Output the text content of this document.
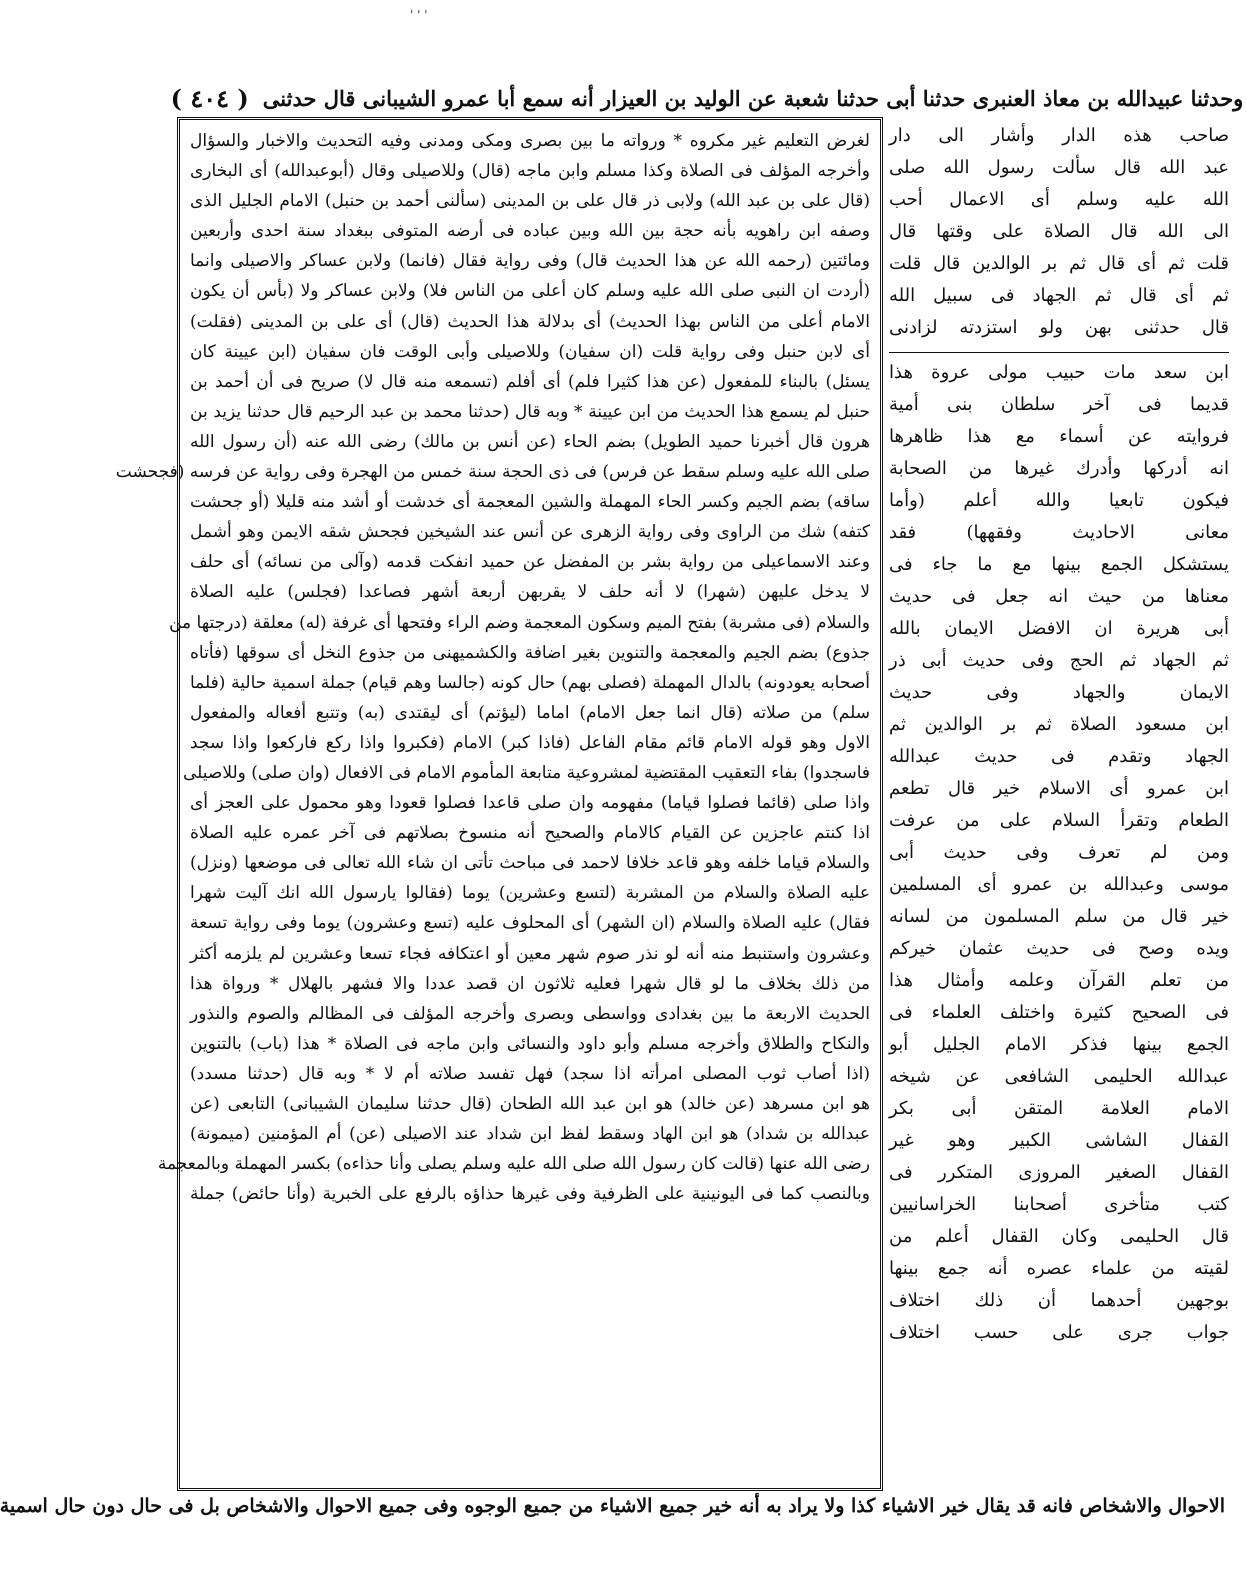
' ' '
وحدثنا عبيدالله بن معاذ العنبرى حدثنا أبى حدثنا شعبة عن الوليد بن العيزار أنه سمع أبا عمرو الشيبانى قال حدثنى
( ٤٠٤ )
لغرض التعليم غير مكروه * ورواته ما بين بصرى ومكى ومدنى وفيه التحديث والاخبار والسؤال
وأخرجه المؤلف فى الصلاة وكذا مسلم وابن ماجه (قال) وللاصيلى وقال (أبوعبدالله) أى البخارى
(قال على بن عبد الله) ولابى ذر قال على بن المدينى (سألنى أحمد بن حنبل) الامام الجليل الذى
وصفه ابن راهويه بأنه حجة بين الله وبين عباده فى أرضه المتوفى ببغداد سنة احدى وأربعين
ومائتين (رحمه الله عن هذا الحديث قال) وفى رواية فقال (فانما) ولابن عساكر والاصيلى وانما
(أردت ان النبى صلى الله عليه وسلم كان أعلى من الناس فلا) ولابن عساكر ولا (بأس أن يكون
الامام أعلى من الناس بهذا الحديث) أى بدلالة هذا الحديث (قال) أى على بن المدينى (فقلت)
أى لابن حنبل وفى رواية قلت (ان سفيان) وللاصيلى وأبى الوقت فان سفيان (ابن عيينة كان
يسئل) بالبناء للمفعول (عن هذا كثيرا فلم) أى أفلم (تسمعه منه قال لا) صريح فى أن أحمد بن
حنبل لم يسمع هذا الحديث من ابن عيينة * وبه قال (حدثنا محمد بن عبد الرحيم قال حدثنا يزيد بن
هرون قال أخبرنا حميد الطويل) بضم الحاء (عن أنس بن مالك) رضى الله عنه (أن رسول الله
صلى الله عليه وسلم سقط عن فرس) فى ذى الحجة سنة خمس من الهجرة وفى رواية عن فرسه (فجحشت
ساقه) بضم الجيم وكسر الحاء المهملة والشين المعجمة أى خدشت أو أشد منه قليلا (أو جحشت
كتفه) شك من الراوى وفى رواية الزهرى عن أنس عند الشيخين فجحش شقه الايمن وهو أشمل
وعند الاسماعيلى من رواية بشر بن المفضل عن حميد انفكت قدمه (وآلى من نسائه) أى حلف
لا يدخل عليهن (شهرا) لا أنه حلف لا يقربهن أربعة أشهر فصاعدا (فجلس) عليه الصلاة
والسلام (فى مشربة) بفتح الميم وسكون المعجمة وضم الراء وفتحها أى غرفة (له) معلقة (درجتها من
جذوع) بضم الجيم والمعجمة والتنوين بغير اضافة والكشميهنى من جذوع النخل أى سوقها (فأتاه
أصحابه يعودونه) بالدال المهملة (فصلى بهم) حال كونه (جالسا وهم قيام) جملة اسمية حالية (فلما
سلم) من صلاته (قال انما جعل الامام) اماما (ليؤتم) أى ليقتدى (به) وتتبع أفعاله والمفعول
الاول وهو قوله الامام قائم مقام الفاعل (فاذا كبر) الامام (فكبروا واذا ركع فاركعوا واذا سجد
فاسجدوا) بفاء التعقيب المقتضية لمشروعية متابعة المأموم الامام فى الافعال (وان صلى) وللاصيلى
واذا صلى (قائما فصلوا قياما) مفهومه وان صلى قاعدا فصلوا قعودا وهو محمول على العجز أى
اذا كنتم عاجزين عن القيام كالامام والصحيح أنه منسوخ بصلاتهم فى آخر عمره عليه الصلاة
والسلام قياما خلفه وهو قاعد خلافا لاحمد فى مباحث تأتى ان شاء الله تعالى فى موضعها (ونزل)
عليه الصلاة والسلام من المشربة (لتسع وعشرين) يوما (فقالوا يارسول الله انك آليت شهرا
فقال) عليه الصلاة والسلام (ان الشهر) أى المحلوف عليه (تسع وعشرون) يوما وفى رواية تسعة
وعشرون واستنبط منه أنه لو نذر صوم شهر معين أو اعتكافه فجاء تسعا وعشرين لم يلزمه أكثر
من ذلك بخلاف ما لو قال شهرا فعليه ثلاثون ان قصد عددا والا فشهر بالهلال * ورواة هذا
الحديث الاربعة ما بين بغدادى وواسطى وبصرى وأخرجه المؤلف فى المظالم والصوم والنذور
والنكاح والطلاق وأخرجه مسلم وأبو داود والنسائى وابن ماجه فى الصلاة * هذا (باب) بالتنوين
(اذا أصاب ثوب المصلى امرأته اذا سجد) فهل تفسد صلاته أم لا * وبه قال (حدثنا مسدد)
هو ابن مسرهد (عن خالد) هو ابن عبد الله الطحان (قال حدثنا سليمان الشيبانى) التابعى (عن
عبدالله بن شداد) هو ابن الهاد وسقط لفظ ابن شداد عند الاصيلى (عن) أم المؤمنين (ميمونة)
رضى الله عنها (قالت كان رسول الله صلى الله عليه وسلم يصلى وأنا حذاءه) بكسر المهملة وبالمعجمة
وبالنصب كما فى اليونينية على الظرفية وفى غيرها حذاؤه بالرفع على الخبرية (وأنا حائض) جملة
صاحب هذه الدار وأشار الى دار
عبد الله قال سألت رسول الله صلى
الله عليه وسلم أى الاعمال أحب
الى الله قال الصلاة على وقتها قال
قلت ثم أى قال ثم بر الوالدين قال قلت
ثم أى قال ثم الجهاد فى سبيل الله
قال حدثنى بهن ولو استزدته لزادنى
ابن سعد مات حبيب مولى عروة هذا
قديما فى آخر سلطان بنى أمية
فروايته عن أسماء مع هذا ظاهرها
انه أدركها وأدرك غيرها من الصحابة
فيكون تابعيا والله أعلم (وأما
معانى الاحاديث وفقهها) فقد
يستشكل الجمع بينها مع ما جاء فى
معناها من حيث انه جعل فى حديث
أبى هريرة ان الافضل الايمان بالله
ثم الجهاد ثم الحج وفى حديث أبى ذر
الايمان والجهاد وفى حديث
ابن مسعود الصلاة ثم بر الوالدين ثم
الجهاد وتقدم فى حديث عبدالله
ابن عمرو أى الاسلام خير قال تطعم
الطعام وتقرأ السلام على من عرفت
ومن لم تعرف وفى حديث أبى
موسى وعبدالله بن عمرو أى المسلمين
خير قال من سلم المسلمون من لسانه
ويده وصح فى حديث عثمان خيركم
من تعلم القرآن وعلمه وأمثال هذا
فى الصحيح كثيرة واختلف العلماء فى
الجمع بينها فذكر الامام الجليل أبو
عبدالله الحليمى الشافعى عن شيخه
الامام العلامة المتقن أبى بكر
القفال الشاشى الكبير وهو غير
القفال الصغير المروزى المتكرر فى
كتب متأخرى أصحابنا الخراسانيين
قال الحليمى وكان القفال أعلم من
لقيته من علماء عصره أنه جمع بينها
بوجهين أحدهما أن ذلك اختلاف
جواب جرى على حسب اختلاف
الاحوال والاشخاص فانه قد يقال خير الاشياء كذا ولا يراد به أنه خير جميع الاشياء من جميع الوجوه وفى جميع الاحوال والاشخاص بل فى حال دون حال اسمية
